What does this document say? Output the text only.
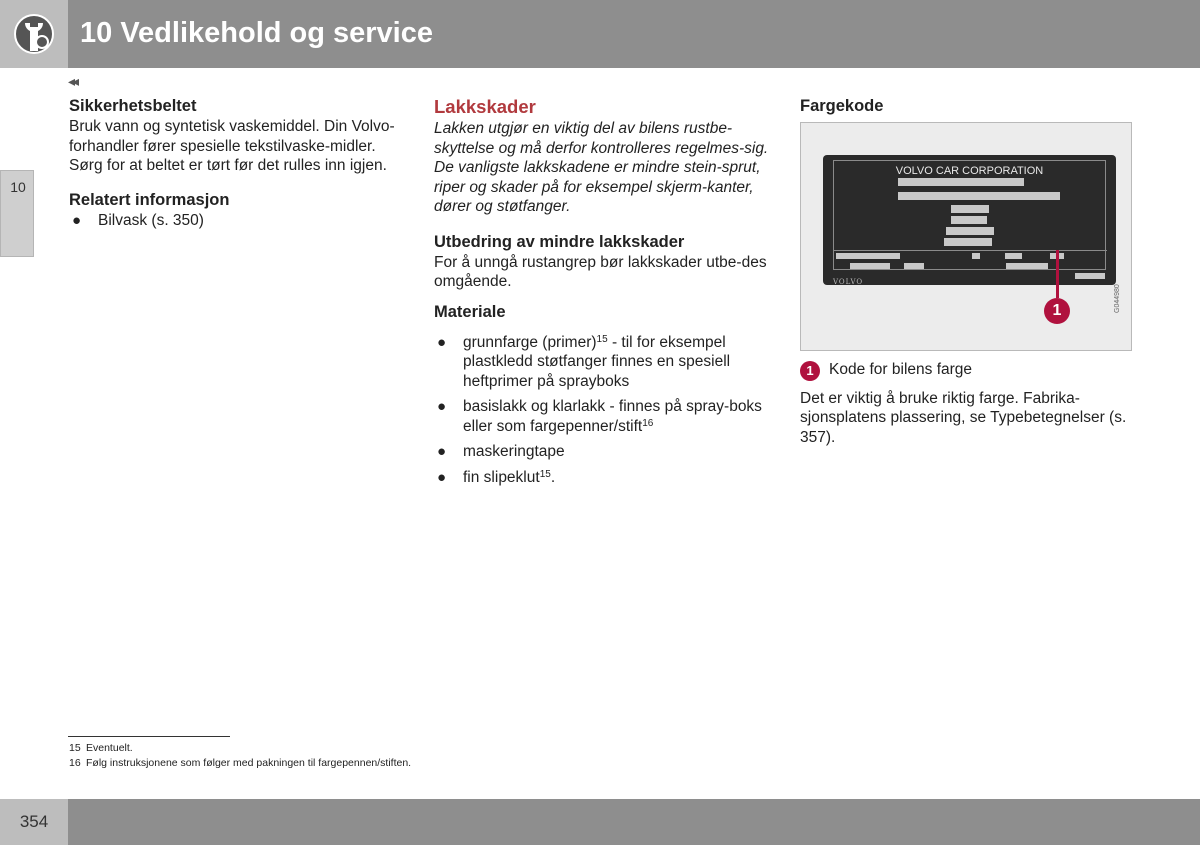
10 Vedlikehold og service
◂◂
10
Sikkerhetsbeltet

Bruk vann og syntetisk vaskemiddel. Din Volvo-forhandler fører spesielle tekstilvaske-midler. Sørg for at beltet er tørt før det rulles inn igjen.

Relatert informasjon
● Bilvask (s. 350)
Lakkskader

Lakken utgjør en viktig del av bilens rustbe-skyttelse og må derfor kontrolleres regelmes-sig. De vanligste lakkskadene er mindre stein-sprut, riper og skader på for eksempel skjerm-kanter, dører og støtfanger.

Utbedring av mindre lakkskader

For å unngå rustangrep bør lakkskader utbe-des omgående.

Materiale
● grunnfarge (primer)$^{15}$ - til for eksempel plastkledd støtfanger finnes en spesiell heftprimer på sprayboks
● basislakk og klarlakk - finnes på spray-boks eller som fargepenner/stift$^{16}$
● maskeringtape
● fin slipeklut$^{15}$.
Fargekode
VOLVO CAR CORPORATION
VOLVO
1	G044980
1 Kode for bilens farge

Det er viktig å bruke riktig farge. Fabrika-sjonsplatens plassering, se Typebetegnelser (s. 357).

15 Eventuelt.
16 Følg instruksjonene som følger med pakningen til fargepennen/stiften.
354
